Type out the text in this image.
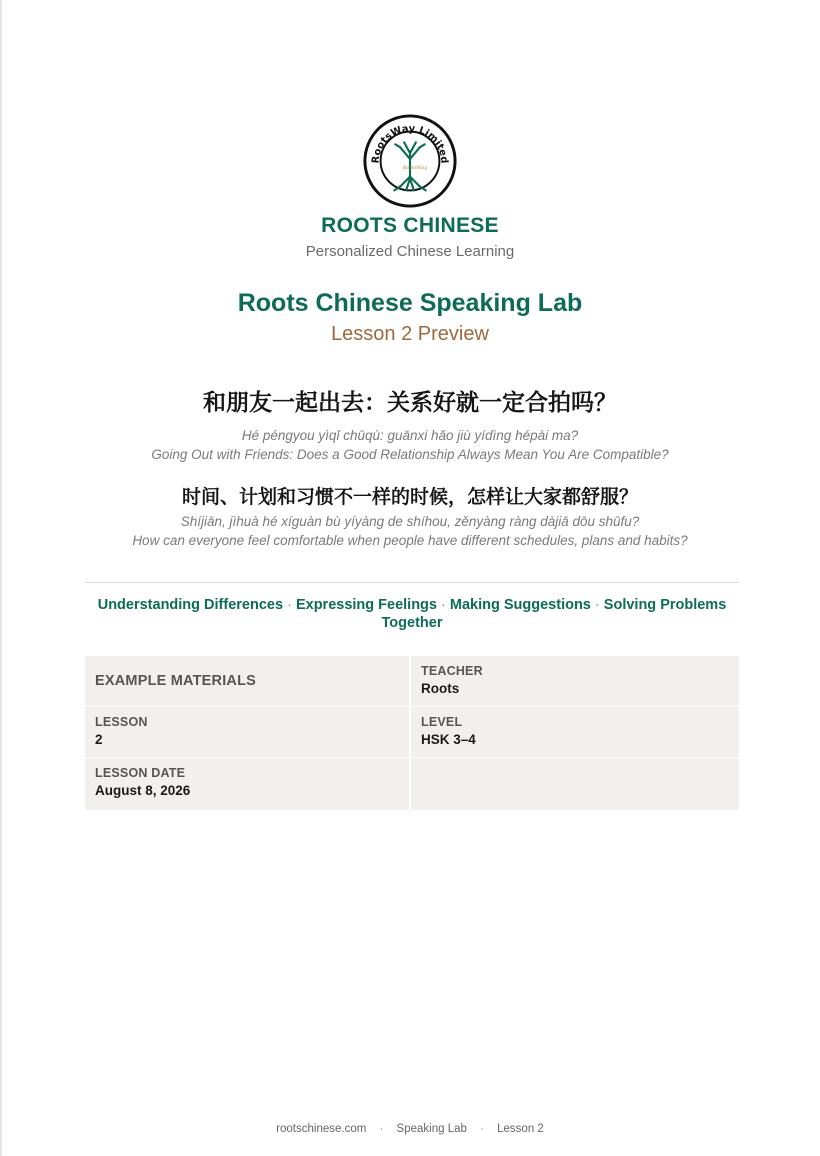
RootsWay Limited
RootsWay
ROOTS CHINESE
Personalized Chinese Learning
Roots Chinese Speaking Lab
Lesson 2 Preview
和朋友一起出去：关系好就一定合拍吗？
Hé péngyou yìqǐ chūqù: guānxi hǎo jiù yídìng hépài ma?
Going Out with Friends: Does a Good Relationship Always Mean You Are Compatible?
时间、计划和习惯不一样的时候，怎样让大家都舒服？
Shíjiān, jìhuà hé xíguàn bù yíyàng de shíhou, zěnyàng ràng dàjiā dōu shūfu?
How can everyone feel comfortable when people have different schedules, plans and habits?
Understanding Differences · Expressing Feelings · Making Suggestions · Solving Problems Together
EXAMPLE MATERIALS
TEACHER
Roots
LESSON
2
LEVEL
HSK 3–4
LESSON DATE
August 8, 2026
rootschinese.com · Speaking Lab · Lesson 2
